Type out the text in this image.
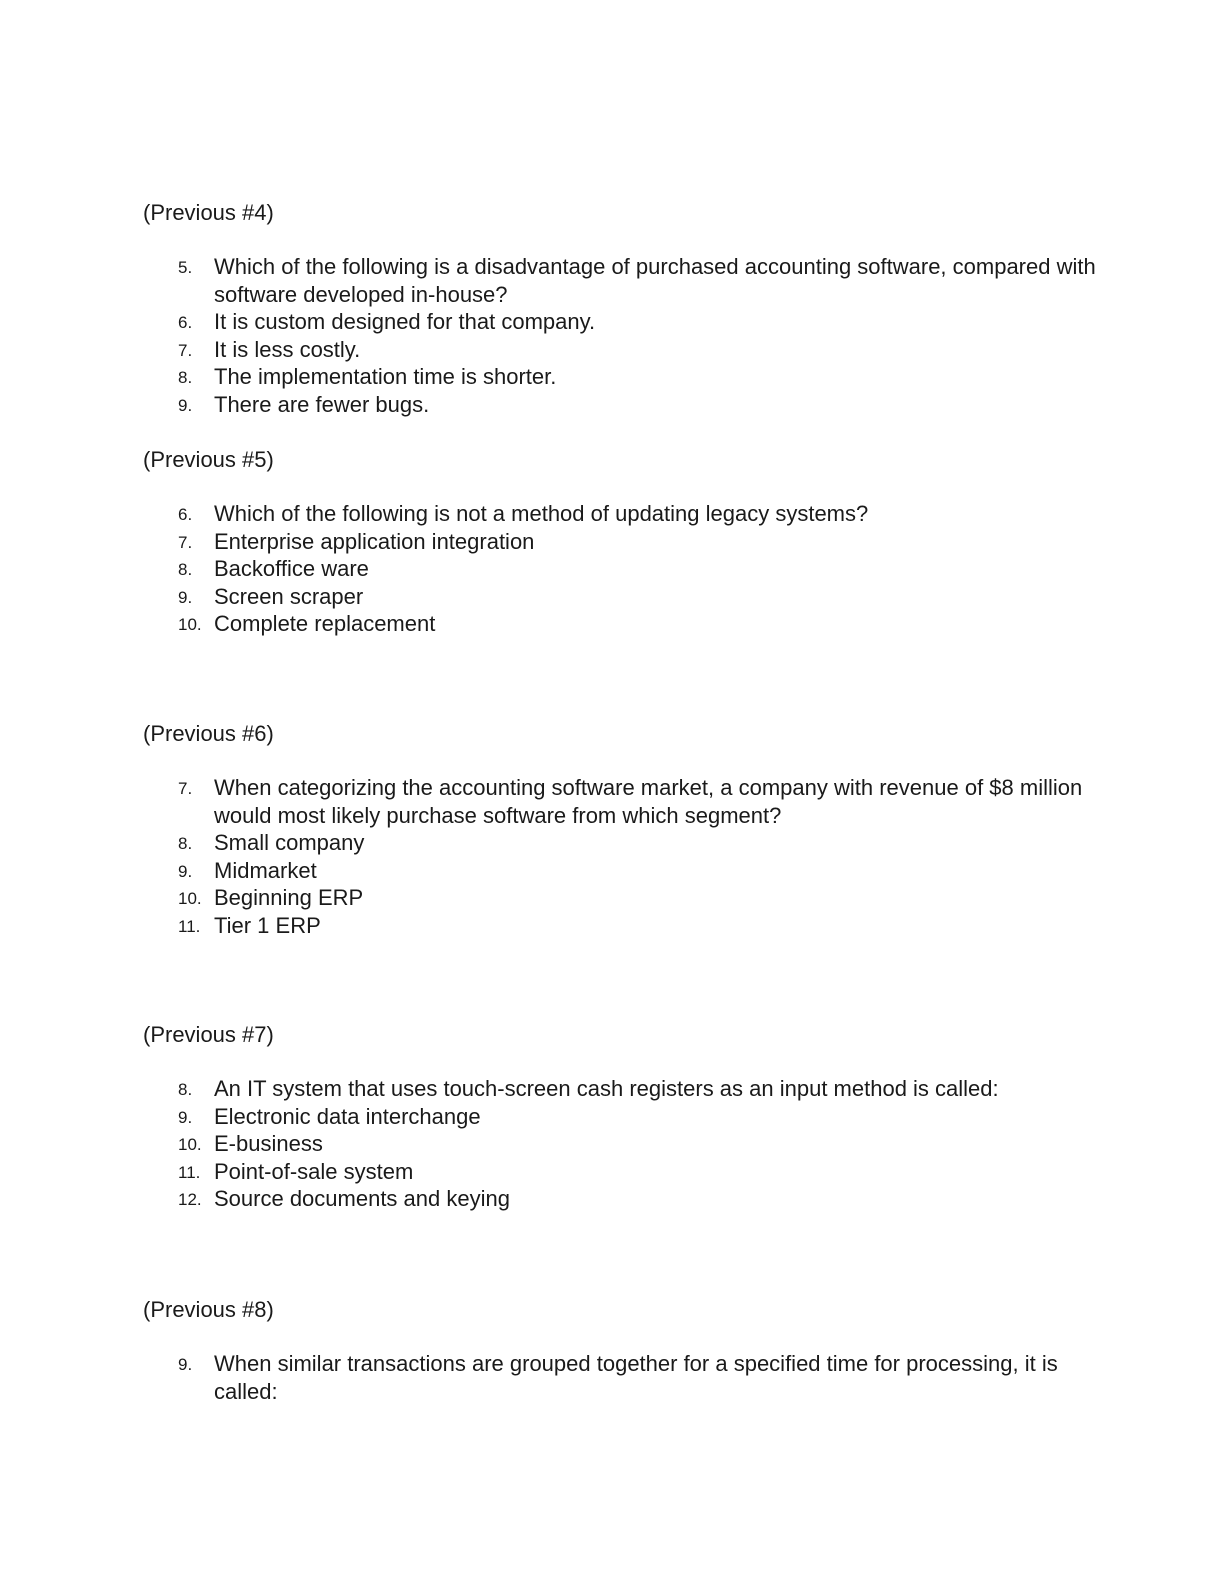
(Previous #4)

5. Which of the following is a disadvantage of purchased accounting software, compared with software developed in-house?
6. It is custom designed for that company.
7. It is less costly.
8. The implementation time is shorter.
9. There are fewer bugs.

(Previous #5)

6. Which of the following is not a method of updating legacy systems?
7. Enterprise application integration
8. Backoffice ware
9. Screen scraper
10. Complete replacement

(Previous #6)

7. When categorizing the accounting software market, a company with revenue of $8 million would most likely purchase software from which segment?
8. Small company
9. Midmarket
10. Beginning ERP
11. Tier 1 ERP

(Previous #7)

8. An IT system that uses touch-screen cash registers as an input method is called:
9. Electronic data interchange
10. E-business
11. Point-of-sale system
12. Source documents and keying

(Previous #8)

9. When similar transactions are grouped together for a specified time for processing, it is called:
